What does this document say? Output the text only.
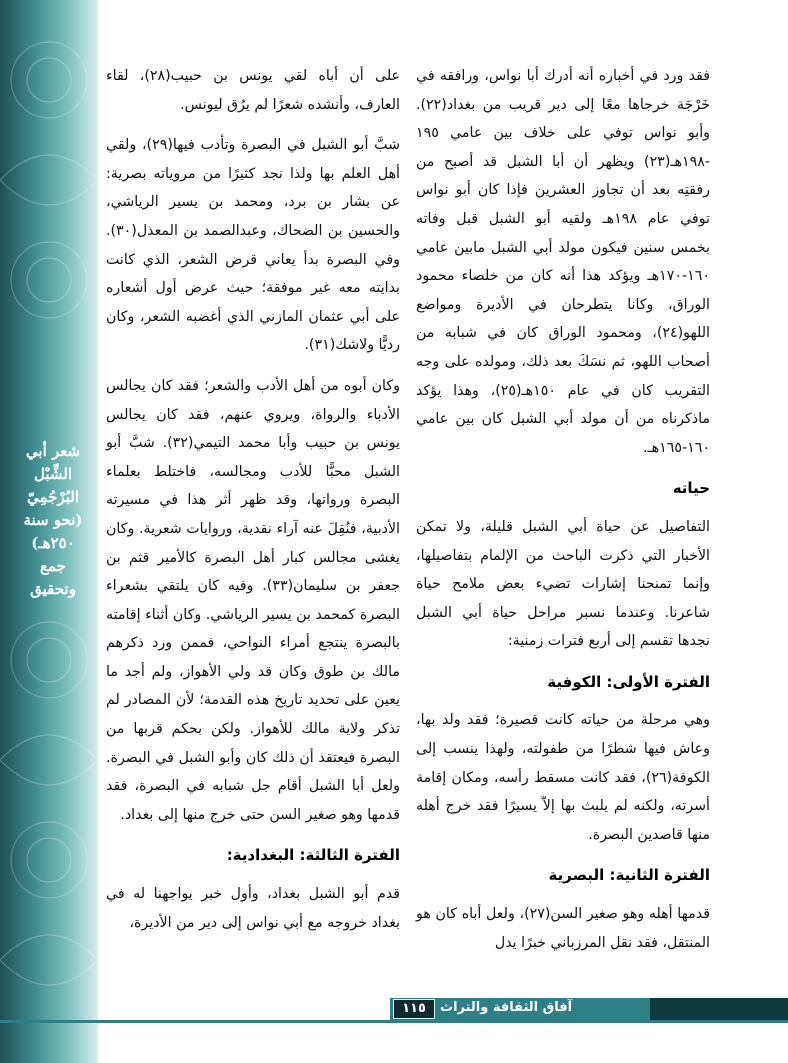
شعر أبي
الشِّبْل
البُرْجُمِيّ
(نحو سنة
٢٥٠هـ)
جمع
وتحقيق

فقد ورد في أخباره أنه أدرك أبا نواس، ورافقه في خَرْجَة خرجاها معًا إلى دير قريب من بغداد(٢٢). وأبو نواس توفي على خلاف بين عامي ١٩٥ -١٩٨هـ(٢٣) ويظهر أن أبا الشبل قد أصبح من رفقتِه بعد أن تجاوز العشرين فإذا كان أبو نواس توفي عام ١٩٨هـ ولقيه أبو الشبل قبل وفاته بخمس سنين فيكون مولد أبي الشبل مابين عامي ١٦٠-١٧٠هـ ويؤكد هذا أنه كان من خلصاء محمود الوراق، وكانا يتطرحان في الأديرة ومواضع اللهو(٢٤)، ومحمود الوراق كان في شبابه من أصحاب اللهو، ثم نسَكَ بعد ذلك، ومولده على وجه التقريب كان في عام ١٥٠هـ(٢٥)، وهذا يؤكد ماذكرناه من أن مولد أبي الشبل كان بين عامي ١٦٠-١٦٥هـ.

حياته

التفاصيل عن حياة أبي الشبل قليلة، ولا تمكن الأخبار التي ذكرت الباحث من الإلمام بتفاصيلها، وإنما تمنحنا إشارات تضيء بعض ملامح حياة شاعرنا. وعندما نسبر مراحل حياة أبي الشبل نجدها تقسم إلى أربع فترات زمنية:

الفترة الأولى: الكوفية

وهي مرحلة من حياته كانت قصيرة؛ فقد ولد بها، وعاش فيها شطرًا من طفولته، ولهذا ينسب إلى الكوفة(٢٦)، فقد كانت مسقط رأسه، ومكان إقامة أسرته، ولكنه لم يلبث بها إلاّ يسيرًا فقد خرج أهله منها قاصدين البصرة.

الفترة الثانية: البصرية

قدمها أهله وهو صغير السن(٢٧)، ولعل أباه كان هو المنتقل، فقد نقل المرزباني خبرًا يدل

على أن أباه لقي يونس بن حبيب(٢٨)، لقاء العارف، وأنشده شعرًا لم يرُق ليونس.

شبَّ أبو الشبل في البصرة وتأدب فيها(٢٩)، ولقي أهل العلم بها ولذا نجد كثيرًا من مروياته بصرية: عن بشار بن برد، ومحمد بن يسير الرياشي، والحسين بن الضحاك، وعبدالصمد بن المعذل(٣٠). وفي البصرة بدأ يعاني قرض الشعر، الذي كانت بدايته معه غير موفقة؛ حيث عرض أول أشعاره على أبي عثمان المازني الذي أغضبه الشعر، وكان رديًّا ولاشك(٣١).

وكان أبوه من أهل الأدب والشعر؛ فقد كان يجالس الأدباء والرواة، ويروي عنهم، فقد كان يجالس يونس بن حبيب وأبا محمد التيمي(٣٢). شبَّ أبو الشبل محبًّا للأدب ومجالسه، فاختلط بعلماء البصرة ورواتها، وقد ظهر أثر هذا في مسيرته الأدبية، فنُقِلَ عنه آراء نقدية، وروايات شعرية. وكان يغشى مجالس كبار أهل البصرة كالأمير قثم بن جعفر بن سليمان(٣٣). وفيه كان يلتقي بشعراء البصرة كمحمد بن يسير الرياشي. وكان أثناء إقامته بالبصرة ينتجع أمراء النواحي، فممن ورد ذكرهم مالك بن طوق وكان قد ولي الأهواز، ولم أجد ما يعين على تحديد تاريخ هذه القدمة؛ لأن المصادر لم تذكر ولاية مالك للأهواز. ولكن بحكم قربها من البصرة فيعتقد أن ذلك كان وأبو الشبل في البصرة. ولعل أبا الشبل أقام جل شبابه في البصرة، فقد قدمها وهو صغير السن حتى خرج منها إلى بغداد.

الفترة الثالثة: البغدادية:

قدم أبو الشبل بغداد، وأول خبر يواجهنا له في بغداد خروجه مع أبي نواس إلى دير من الأديرة،

١١٥	آفاق الثقافة والتراث
